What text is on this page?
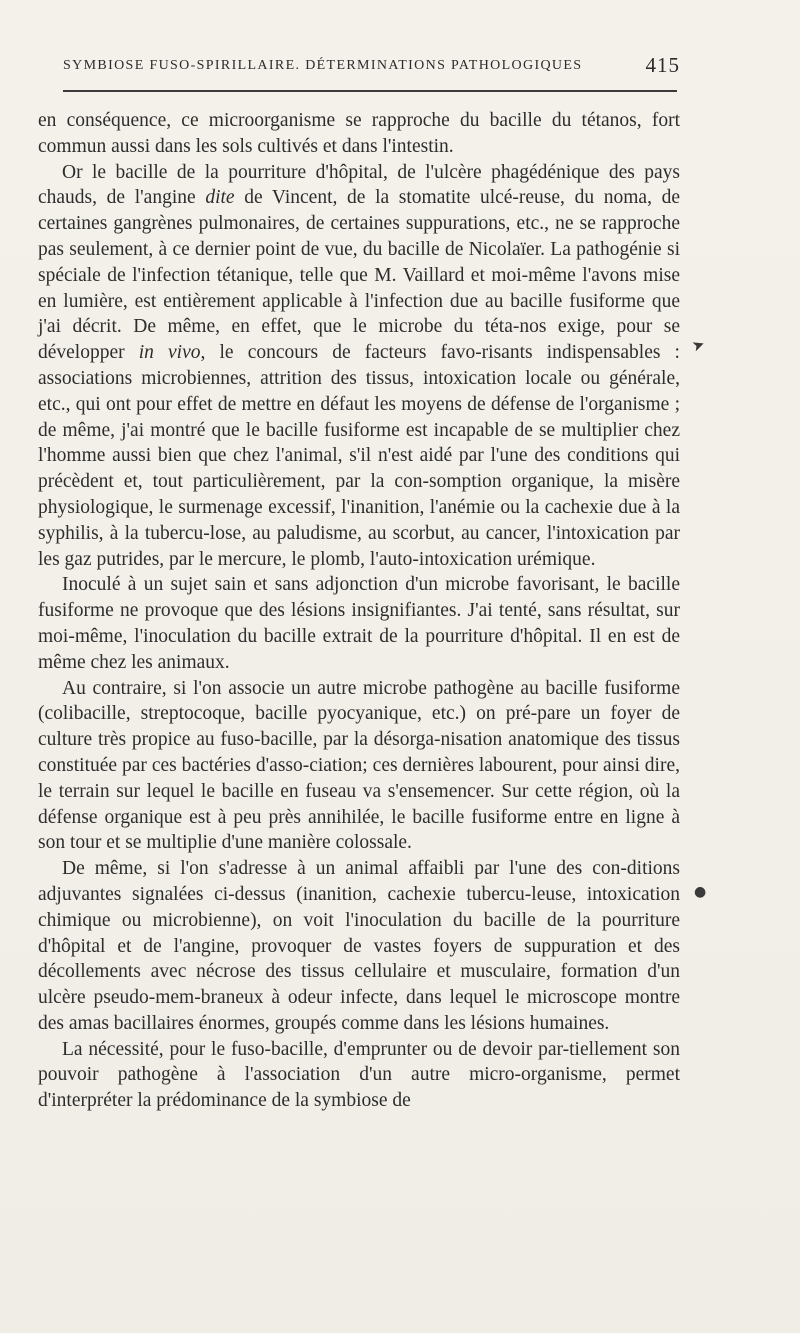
SYMBIOSE FUSO-SPIRILLAIRE. DÉTERMINATIONS PATHOLOGIQUES	415

en conséquence, ce microorganisme se rapproche du bacille du tétanos, fort commun aussi dans les sols cultivés et dans l'intestin.

Or le bacille de la pourriture d'hôpital, de l'ulcère phagédénique des pays chauds, de l'angine dite de Vincent, de la stomatite ulcé-reuse, du noma, de certaines gangrènes pulmonaires, de certaines suppurations, etc., ne se rapproche pas seulement, à ce dernier point de vue, du bacille de Nicolaïer. La pathogénie si spéciale de l'infection tétanique, telle que M. Vaillard et moi-même l'avons mise en lumière, est entièrement applicable à l'infection due au bacille fusiforme que j'ai décrit. De même, en effet, que le microbe du téta-nos exige, pour se développer in vivo, le concours de facteurs favo-risants indispensables : associations microbiennes, attrition des tissus, intoxication locale ou générale, etc., qui ont pour effet de mettre en défaut les moyens de défense de l'organisme ; de même, j'ai montré que le bacille fusiforme est incapable de se multiplier chez l'homme aussi bien que chez l'animal, s'il n'est aidé par l'une des conditions qui précèdent et, tout particulièrement, par la con-somption organique, la misère physiologique, le surmenage excessif, l'inanition, l'anémie ou la cachexie due à la syphilis, à la tubercu-lose, au paludisme, au scorbut, au cancer, l'intoxication par les gaz putrides, par le mercure, le plomb, l'auto-intoxication urémique.

Inoculé à un sujet sain et sans adjonction d'un microbe favorisant, le bacille fusiforme ne provoque que des lésions insignifiantes. J'ai tenté, sans résultat, sur moi-même, l'inoculation du bacille extrait de la pourriture d'hôpital. Il en est de même chez les animaux.

Au contraire, si l'on associe un autre microbe pathogène au bacille fusiforme (colibacille, streptocoque, bacille pyocyanique, etc.) on pré-pare un foyer de culture très propice au fuso-bacille, par la désorga-nisation anatomique des tissus constituée par ces bactéries d'asso-ciation; ces dernières labourent, pour ainsi dire, le terrain sur lequel le bacille en fuseau va s'ensemencer. Sur cette région, où la défense organique est à peu près annihilée, le bacille fusiforme entre en ligne à son tour et se multiplie d'une manière colossale.

De même, si l'on s'adresse à un animal affaibli par l'une des con-ditions adjuvantes signalées ci-dessus (inanition, cachexie tubercu-leuse, intoxication chimique ou microbienne), on voit l'inoculation du bacille de la pourriture d'hôpital et de l'angine, provoquer de vastes foyers de suppuration et des décollements avec nécrose des tissus cellulaire et musculaire, formation d'un ulcère pseudo-mem-braneux à odeur infecte, dans lequel le microscope montre des amas bacillaires énormes, groupés comme dans les lésions humaines.

La nécessité, pour le fuso-bacille, d'emprunter ou de devoir par-tiellement son pouvoir pathogène à l'association d'un autre micro-organisme, permet d'interpréter la prédominance de la symbiose de

➤
●
